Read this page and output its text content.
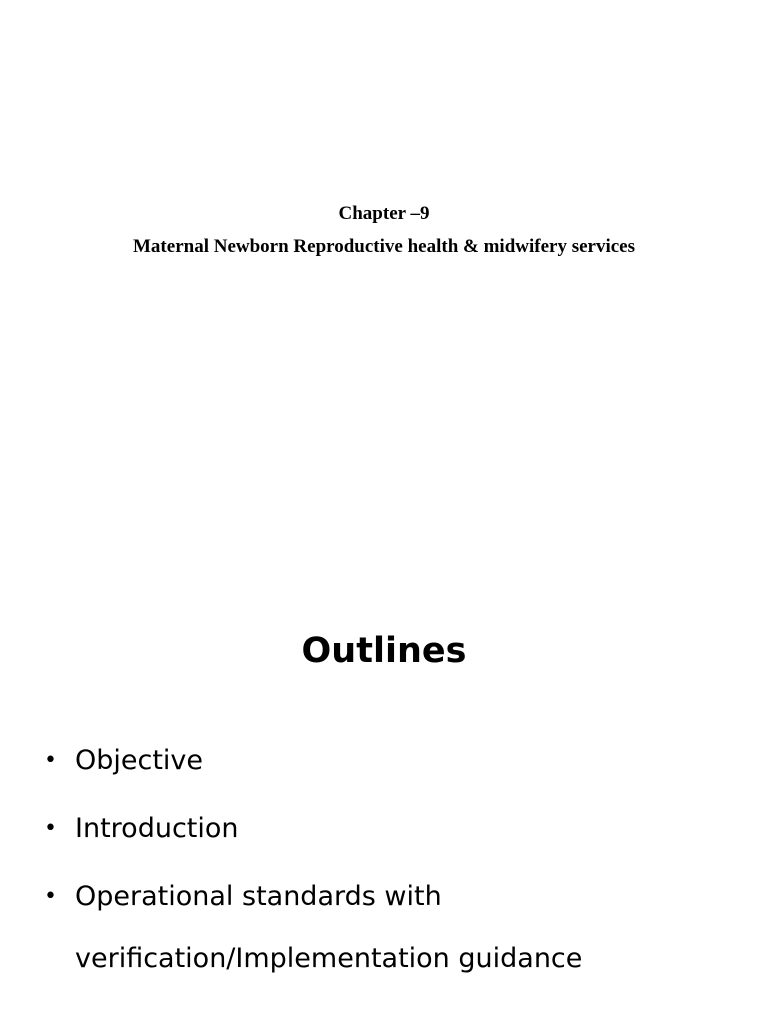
Chapter –9
Maternal Newborn Reproductive health & midwifery services
Outlines
• Objective
• Introduction
• Operational standards with verification/Implementation guidance
